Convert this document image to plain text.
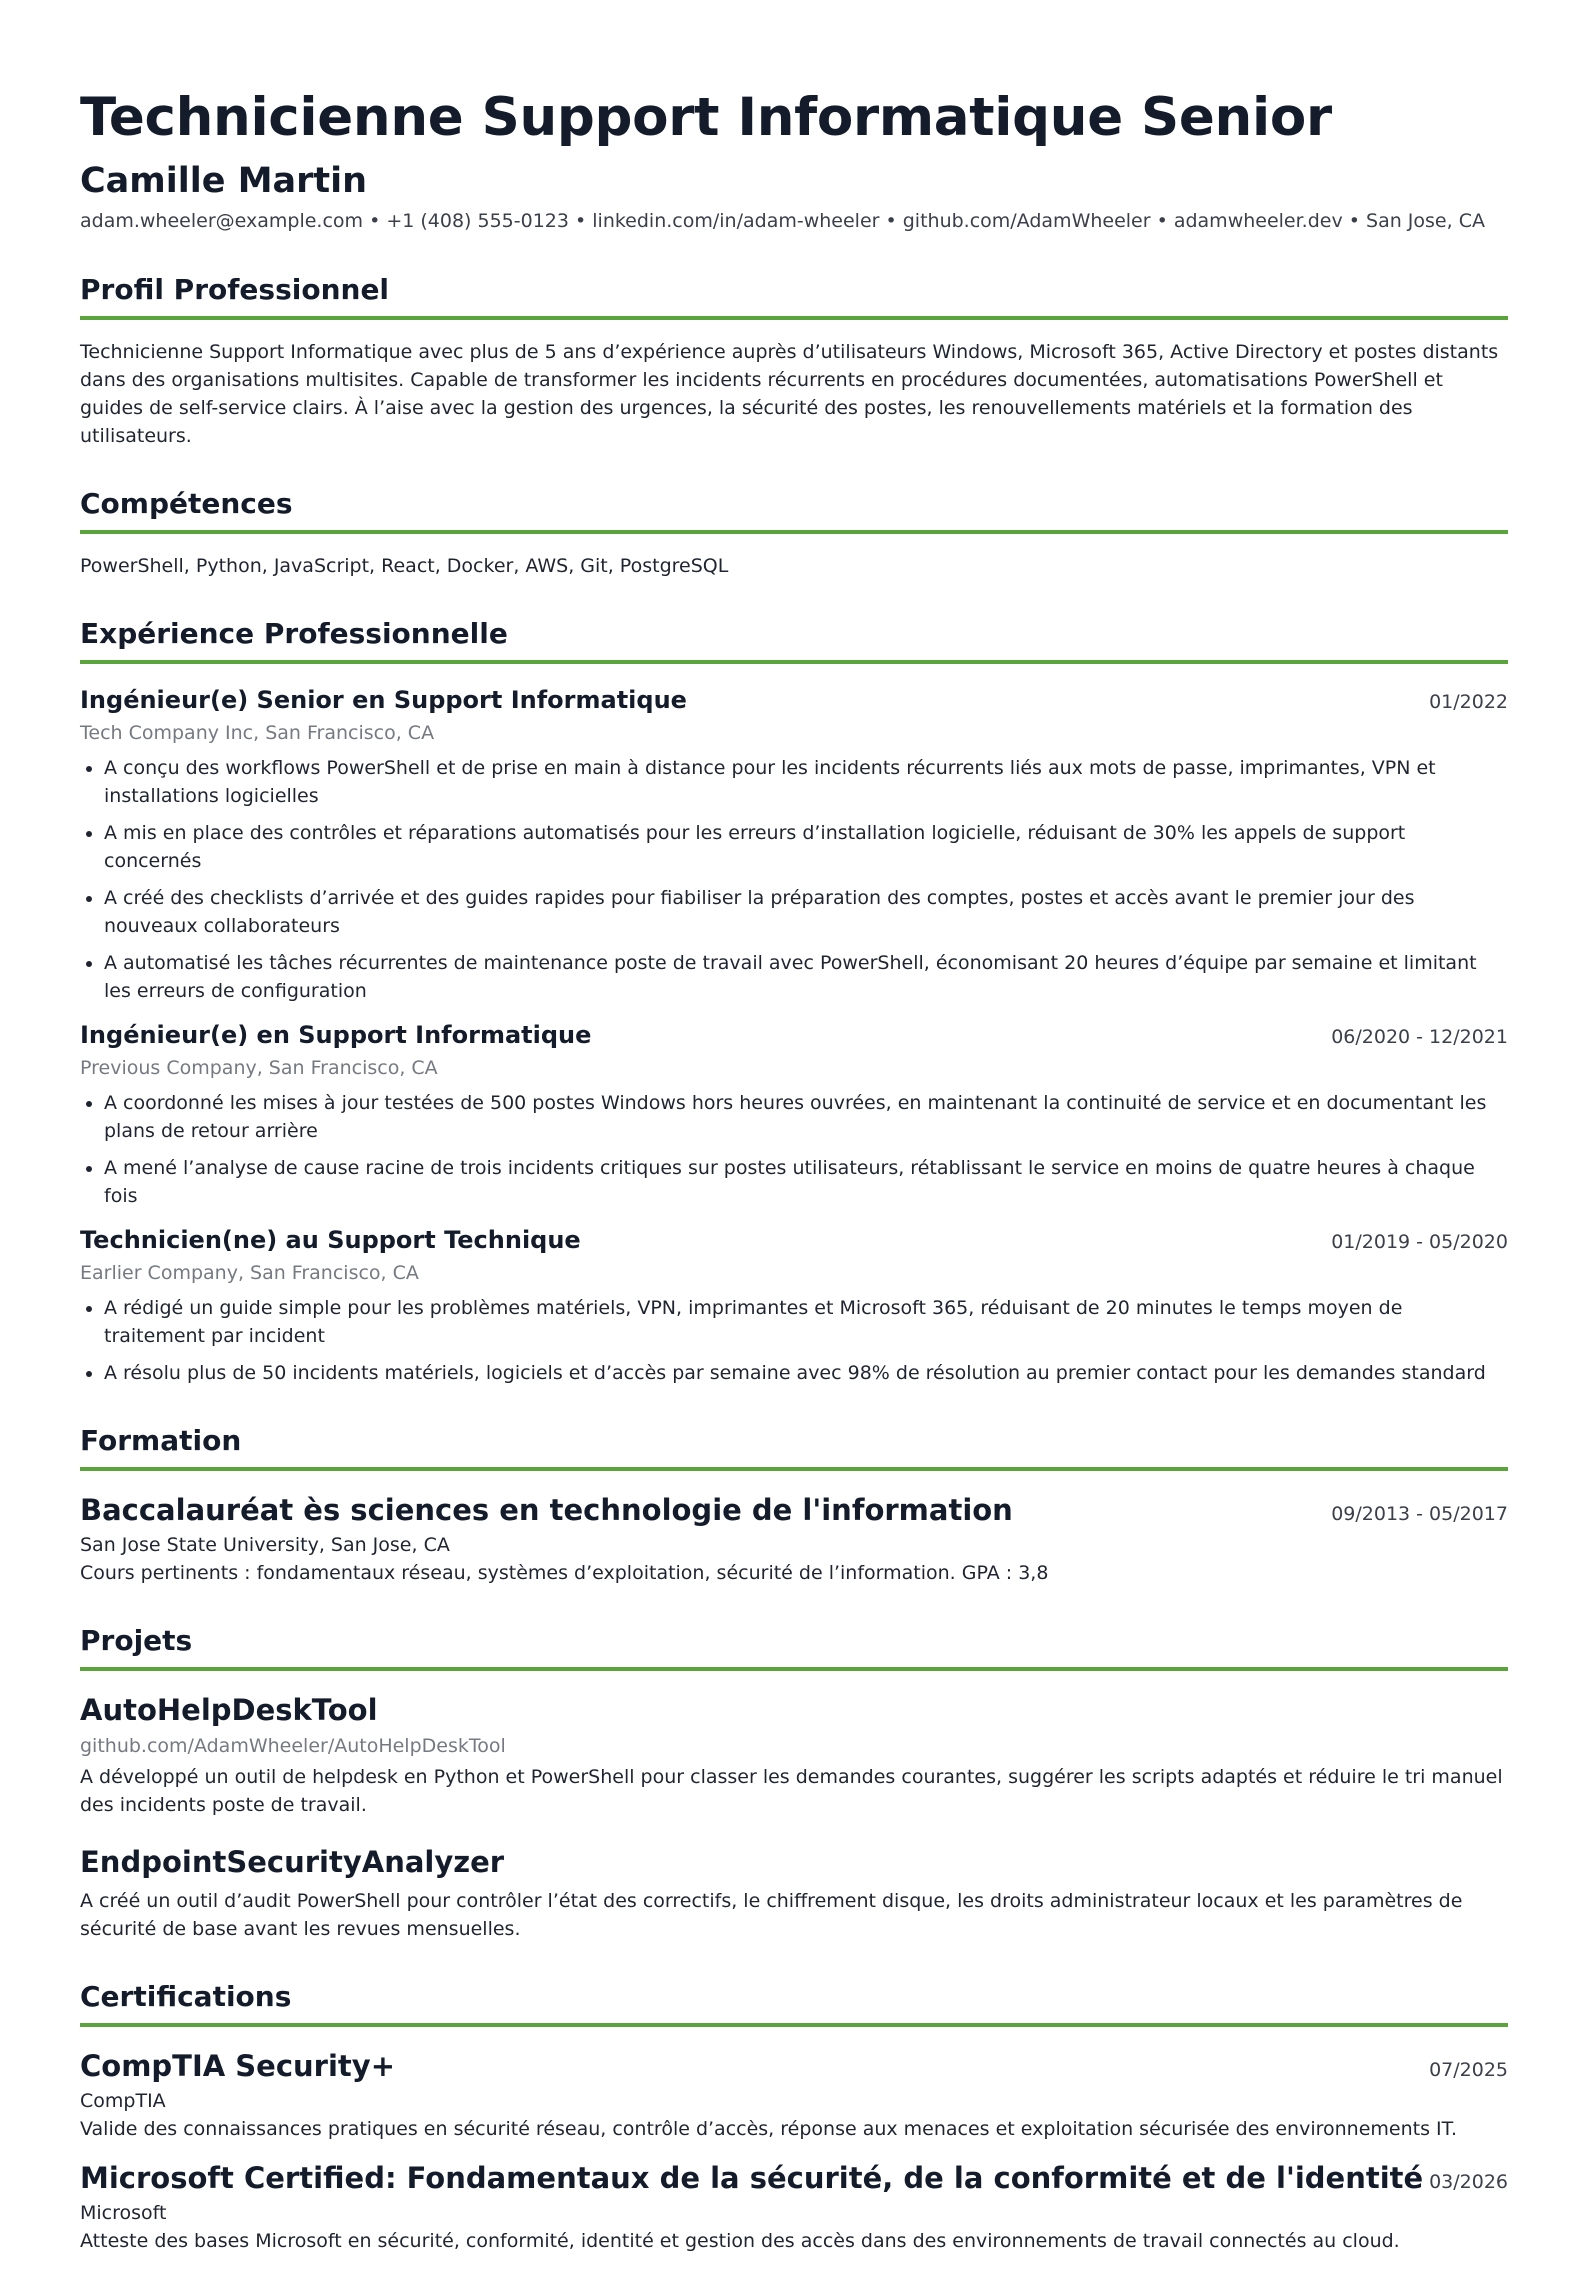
Technicienne Support Informatique Senior
Camille Martin
adam.wheeler@example.com • +1 (408) 555-0123 • linkedin.com/in/adam-wheeler • github.com/AdamWheeler • adamwheeler.dev • San Jose, CA
Profil Professionnel
Technicienne Support Informatique avec plus de 5 ans d’expérience auprès d’utilisateurs Windows, Microsoft 365, Active Directory et postes distants dans des organisations multisites. Capable de transformer les incidents récurrents en procédures documentées, automatisations PowerShell et guides de self-service clairs. À l’aise avec la gestion des urgences, la sécurité des postes, les renouvellements matériels et la formation des utilisateurs.
Compétences
PowerShell, Python, JavaScript, React, Docker, AWS, Git, PostgreSQL
Expérience Professionnelle
Ingénieur(e) Senior en Support Informatique	01/2022
Tech Company Inc, San Francisco, CA
• A conçu des workflows PowerShell et de prise en main à distance pour les incidents récurrents liés aux mots de passe, imprimantes, VPN et installations logicielles
• A mis en place des contrôles et réparations automatisés pour les erreurs d’installation logicielle, réduisant de 30% les appels de support concernés
• A créé des checklists d’arrivée et des guides rapides pour fiabiliser la préparation des comptes, postes et accès avant le premier jour des nouveaux collaborateurs
• A automatisé les tâches récurrentes de maintenance poste de travail avec PowerShell, économisant 20 heures d’équipe par semaine et limitant les erreurs de configuration
Ingénieur(e) en Support Informatique	06/2020 - 12/2021
Previous Company, San Francisco, CA
• A coordonné les mises à jour testées de 500 postes Windows hors heures ouvrées, en maintenant la continuité de service et en documentant les plans de retour arrière
• A mené l’analyse de cause racine de trois incidents critiques sur postes utilisateurs, rétablissant le service en moins de quatre heures à chaque fois
Technicien(ne) au Support Technique	01/2019 - 05/2020
Earlier Company, San Francisco, CA
• A rédigé un guide simple pour les problèmes matériels, VPN, imprimantes et Microsoft 365, réduisant de 20 minutes le temps moyen de traitement par incident
• A résolu plus de 50 incidents matériels, logiciels et d’accès par semaine avec 98% de résolution au premier contact pour les demandes standard
Formation
Baccalauréat ès sciences en technologie de l'information	09/2013 - 05/2017
San Jose State University, San Jose, CA
Cours pertinents : fondamentaux réseau, systèmes d’exploitation, sécurité de l’information. GPA : 3,8
Projets
AutoHelpDeskTool
github.com/AdamWheeler/AutoHelpDeskTool
A développé un outil de helpdesk en Python et PowerShell pour classer les demandes courantes, suggérer les scripts adaptés et réduire le tri manuel des incidents poste de travail.
EndpointSecurityAnalyzer
A créé un outil d’audit PowerShell pour contrôler l’état des correctifs, le chiffrement disque, les droits administrateur locaux et les paramètres de sécurité de base avant les revues mensuelles.
Certifications
CompTIA Security+	07/2025
CompTIA
Valide des connaissances pratiques en sécurité réseau, contrôle d’accès, réponse aux menaces et exploitation sécurisée des environnements IT.
Microsoft Certified: Fondamentaux de la sécurité, de la conformité et de l'identité 03/2026
Microsoft
Atteste des bases Microsoft en sécurité, conformité, identité et gestion des accès dans des environnements de travail connectés au cloud.
